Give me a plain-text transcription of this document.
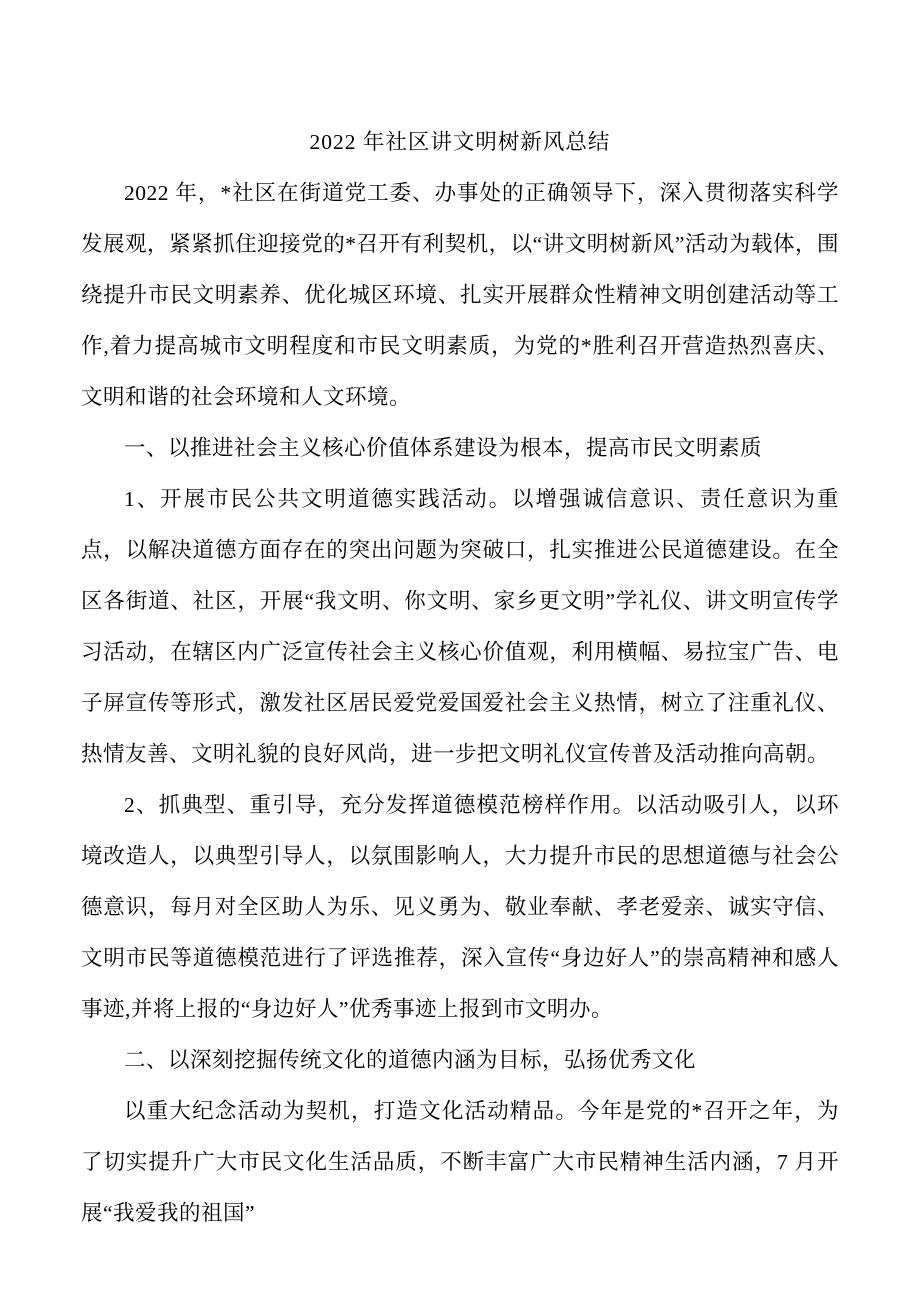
2022 年社区讲文明树新风总结

2022 年，*社区在街道党工委、办事处的正确领导下，深入贯彻落实科学发展观，紧紧抓住迎接党的*召开有利契机，以“讲文明树新风”活动为载体，围绕提升市民文明素养、优化城区环境、扎实开展群众性精神文明创建活动等工作,着力提高城市文明程度和市民文明素质，为党的*胜利召开营造热烈喜庆、文明和谐的社会环境和人文环境。

一、以推进社会主义核心价值体系建设为根本，提高市民文明素质

1、开展市民公共文明道德实践活动。以增强诚信意识、责任意识为重点，以解决道德方面存在的突出问题为突破口，扎实推进公民道德建设。在全区各街道、社区，开展“我文明、你文明、家乡更文明”学礼仪、讲文明宣传学习活动，在辖区内广泛宣传社会主义核心价值观，利用横幅、易拉宝广告、电子屏宣传等形式，激发社区居民爱党爱国爱社会主义热情，树立了注重礼仪、热情友善、文明礼貌的良好风尚，进一步把文明礼仪宣传普及活动推向高朝。

2、抓典型、重引导，充分发挥道德模范榜样作用。以活动吸引人，以环境改造人，以典型引导人，以氛围影响人，大力提升市民的思想道德与社会公德意识，每月对全区助人为乐、见义勇为、敬业奉献、孝老爱亲、诚实守信、文明市民等道德模范进行了评选推荐，深入宣传“身边好人”的崇高精神和感人事迹,并将上报的“身边好人”优秀事迹上报到市文明办。

二、以深刻挖掘传统文化的道德内涵为目标，弘扬优秀文化

以重大纪念活动为契机，打造文化活动精品。今年是党的*召开之年，为了切实提升广大市民文化生活品质，不断丰富广大市民精神生活内涵，7 月开展“我爱我的祖国”
